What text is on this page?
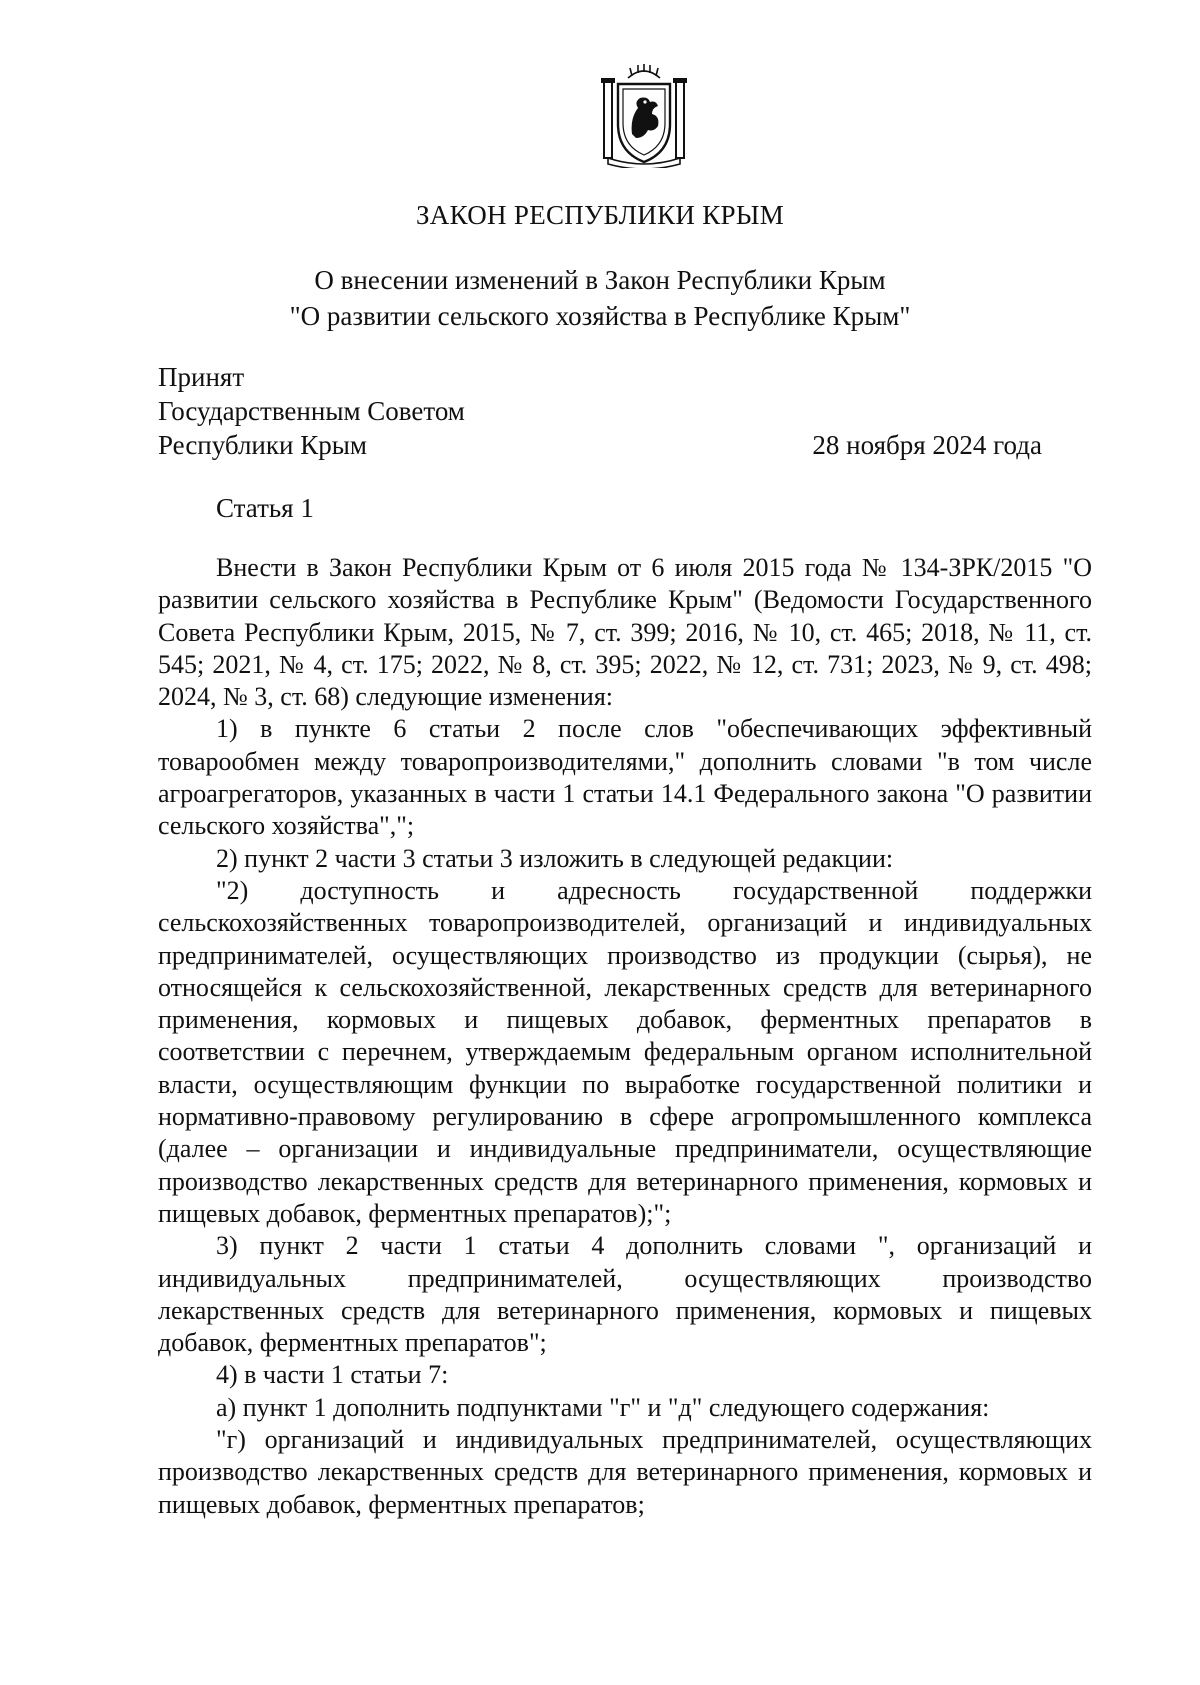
ЗАКОН РЕСПУБЛИКИ КРЫМ
О внесении изменений в Закон Республики Крым
"О развитии сельского хозяйства в Республике Крым"
Принят
Государственным Советом
Республики Крым	28 ноября 2024 года
Статья 1

Внести в Закон Республики Крым от 6 июля 2015 года № 134-ЗРК/2015 "О развитии сельского хозяйства в Республике Крым" (Ведомости Государственного Совета Республики Крым, 2015, № 7, ст. 399; 2016, № 10, ст. 465; 2018, № 11, ст. 545; 2021, № 4, ст. 175; 2022, № 8, ст. 395; 2022, № 12, ст. 731; 2023, № 9, ст. 498; 2024, № 3, ст. 68) следующие изменения:

1) в пункте 6 статьи 2 после слов "обеспечивающих эффективный товарообмен между товаропроизводителями," дополнить словами "в том числе агроагрегаторов, указанных в части 1 статьи 14.1 Федерального закона "О развитии сельского хозяйства",";

2) пункт 2 части 3 статьи 3 изложить в следующей редакции:

"2) доступность и адресность государственной поддержки сельскохозяйственных товаропроизводителей, организаций и индивидуальных предпринимателей, осуществляющих производство из продукции (сырья), не относящейся к сельскохозяйственной, лекарственных средств для ветеринарного применения, кормовых и пищевых добавок, ферментных препаратов в соответствии с перечнем, утверждаемым федеральным органом исполнительной власти, осуществляющим функции по выработке государственной политики и нормативно-правовому регулированию в сфере агропромышленного комплекса (далее – организации и индивидуальные предприниматели, осуществляющие производство лекарственных средств для ветеринарного применения, кормовых и пищевых добавок, ферментных препаратов);";

3) пункт 2 части 1 статьи 4 дополнить словами ", организаций и индивидуальных предпринимателей, осуществляющих производство лекарственных средств для ветеринарного применения, кормовых и пищевых добавок, ферментных препаратов";

4) в части 1 статьи 7:

а) пункт 1 дополнить подпунктами "г" и "д" следующего содержания:

"г) организаций и индивидуальных предпринимателей, осуществляющих производство лекарственных средств для ветеринарного применения, кормовых и пищевых добавок, ферментных препаратов;
